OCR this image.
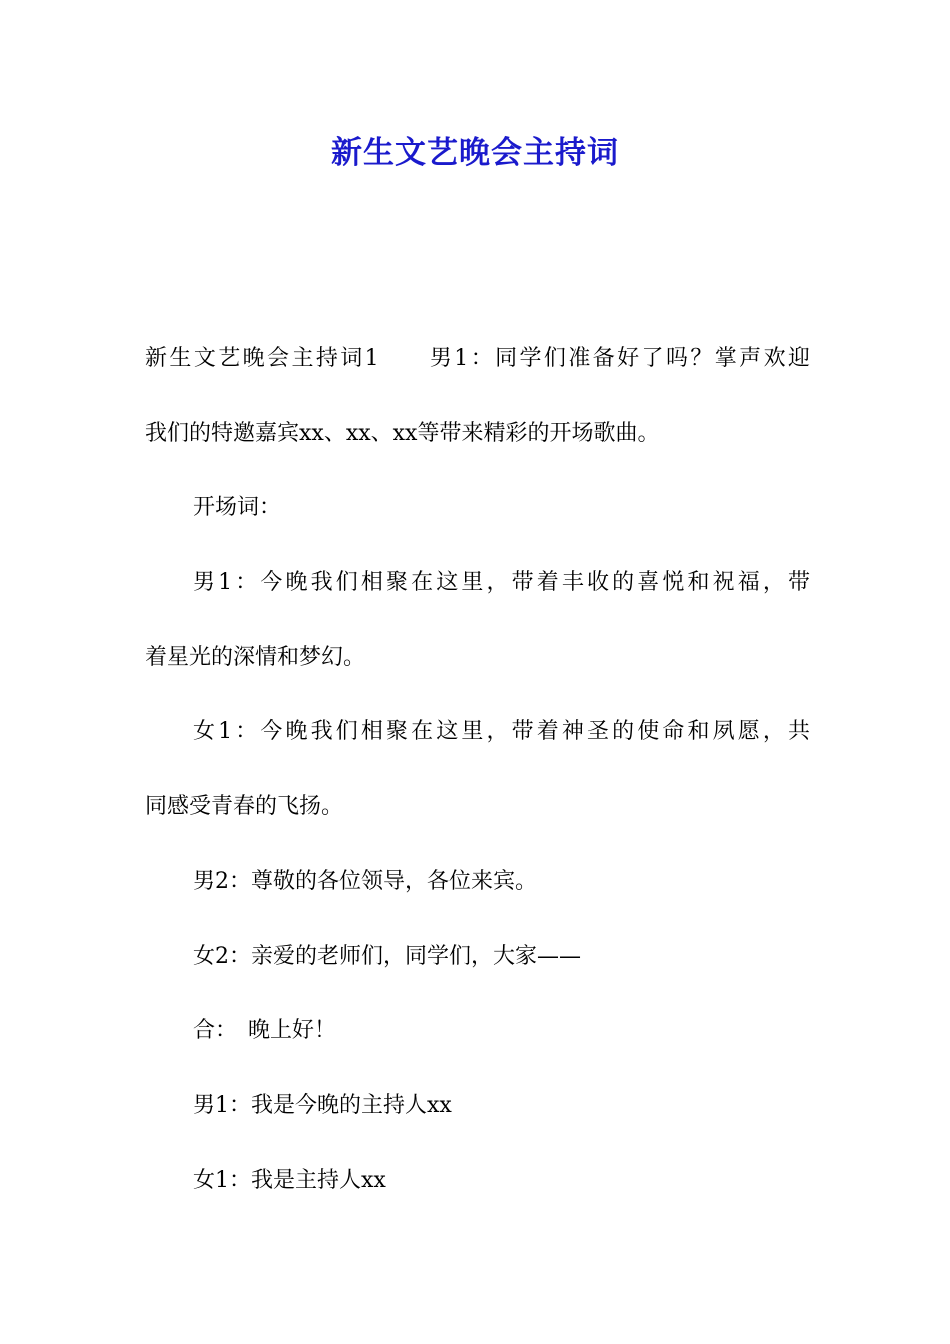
新生文艺晚会主持词
新生文艺晚会主持词1　　男1：同学们准备好了吗？掌声欢迎
我们的特邀嘉宾xx、xx、xx等带来精彩的开场歌曲。
开场词：
男1：今晚我们相聚在这里，带着丰收的喜悦和祝福，带
着星光的深情和梦幻。
女1：今晚我们相聚在这里，带着神圣的使命和夙愿，共
同感受青春的飞扬。
男2：尊敬的各位领导，各位来宾。
女2：亲爱的老师们，同学们，大家——
合：　晚上好！
男1：我是今晚的主持人xx
女1：我是主持人xx
